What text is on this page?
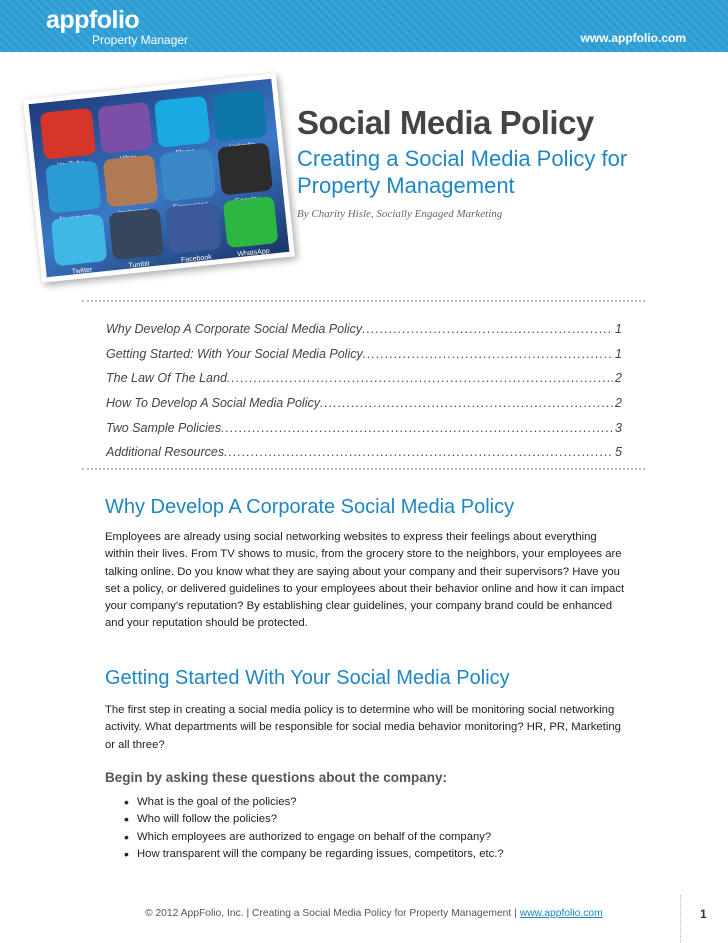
appfolio
Property Manager	www.appfolio.com
Twitter
Tumblr
Facebook
WhatsApp
Social Media Policy
Creating a Social Media Policy for Property Management
By Charity Hisle, Socially Engaged Marketing
Why Develop A Corporate Social Media Policy .....	1
Getting Started: With Your Social Media Policy .....	1
The Law Of The Land .....	2
How To Develop A Social Media Policy .....	2
Two Sample Policies .....	3
Additional Resources .....	5
Why Develop A Corporate Social Media Policy
Employees are already using social networking websites to express their feelings about everything within their lives. From TV shows to music, from the grocery store to the neighbors, your employees are talking online. Do you know what they are saying about your company and their supervisors? Have you set a policy, or delivered guidelines to your employees about their behavior online and how it can impact your company's reputation? By establishing clear guidelines, your company brand could be enhanced and your reputation should be protected.
Getting Started With Your Social Media Policy
The first step in creating a social media policy is to determine who will be monitoring social networking activity. What departments will be responsible for social media behavior monitoring? HR, PR, Marketing or all three?
Begin by asking these questions about the company:
• What is the goal of the policies?
• Who will follow the policies?
• Which employees are authorized to engage on behalf of the company?
• How transparent will the company be regarding issues, competitors, etc.?
© 2012 AppFolio, Inc. | Creating a Social Media Policy for Property Management | www.appfolio.com	1
